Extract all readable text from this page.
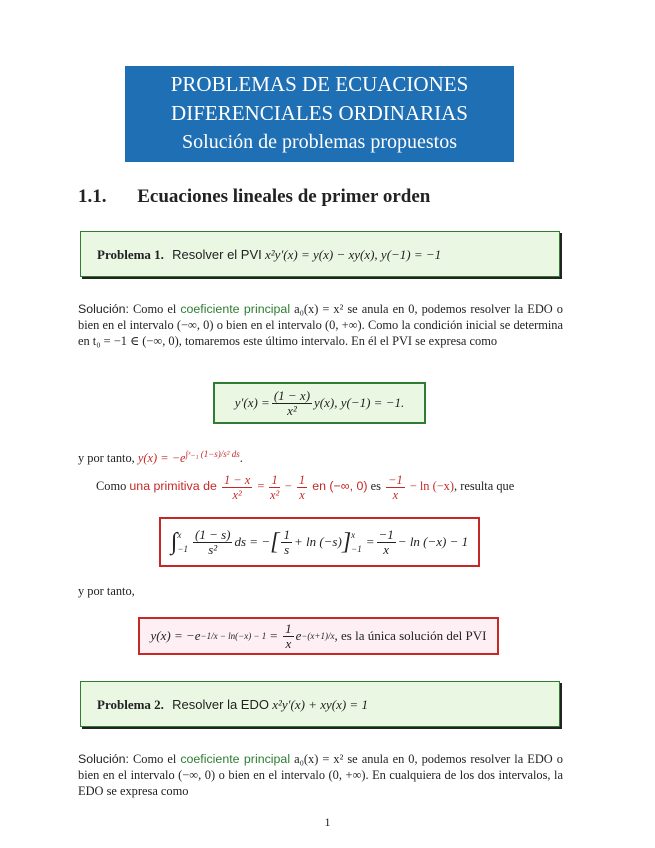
PROBLEMAS DE ECUACIONES
DIFERENCIALES ORDINARIAS
Solución de problemas propuestos
1.1. Ecuaciones lineales de primer orden
Problema 1. Resolver el PVI x²y′(x) = y(x) − xy(x), y(−1) = −1
Solución: Como el coeficiente principal a₀(x) = x² se anula en 0, podemos resolver la EDO o bien en el intervalo (−∞, 0) o bien en el intervalo (0, +∞). Como la condición inicial se determina en t₀ = −1 ∈ (−∞, 0), tomaremos este último intervalo. En él el PVI se expresa como
$y'(x) = \frac{(1 - x)}{\text{x²}} y(x)$, y(−1) = −1.
y por tanto, $y(x) = -e^{\int ˣ_{-1} (1-s)/s^2 ds}$.
Como una primitiva de $\frac{1 - x}{\text{x²}} = \frac{1}{\text{x²}} - \frac{1}{x}$ en (−∞, 0) es $\frac{-1}{x} - \ln (-x)$, resulta que
∫ x
$-1 \frac{(1 - s)}{\text{s²}}$ ds = − [ $\frac{1}{s} + \ln (-s)$ ] x
$-1 = \frac{-1}{x} - \ln (-x) - 1$
y por tanto,
$y(x) = -e -1/x - \ln(-x) - 1 = \frac{1}{x}$ e −(x+1)/x , es la única solución del PVI
Problema 2. Resolver la EDO x²y′(x) + xy(x) = 1
Solución: Como el coeficiente principal a₀(x) = x² se anula en 0, podemos resolver la EDO o bien en el intervalo (−∞, 0) o bien en el intervalo (0, +∞). En cualquiera de los dos intervalos, la EDO se expresa como
1
